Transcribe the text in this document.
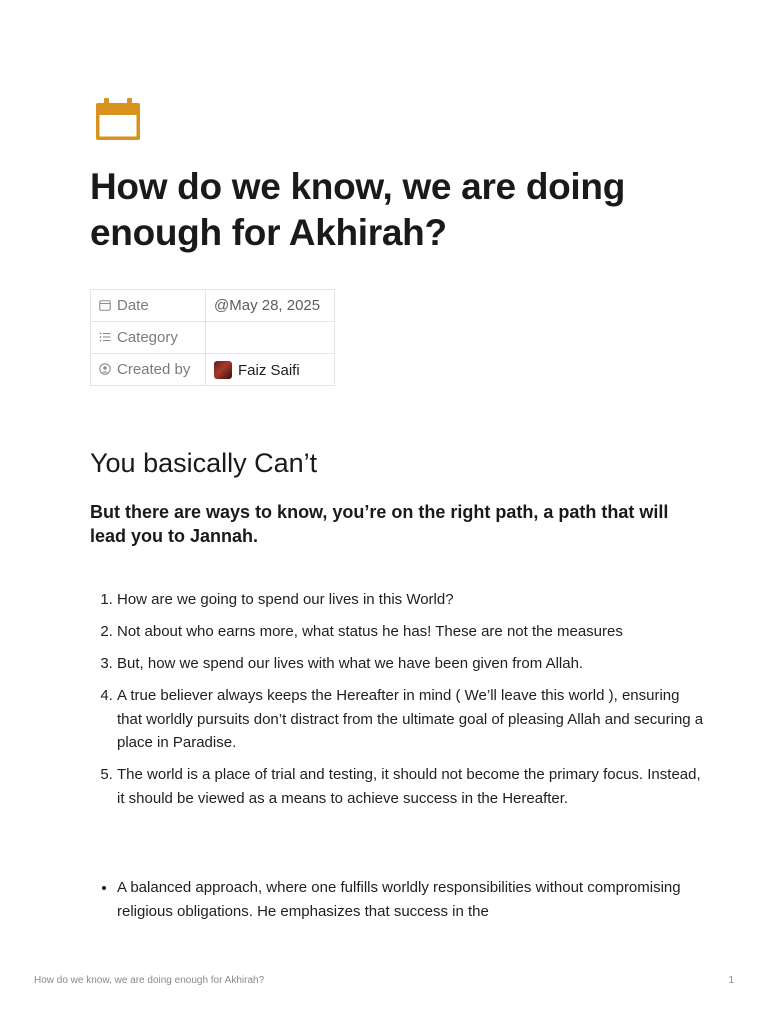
How do we know, we are doing enough for Akhirah?
Date	@May 28, 2025
Category	
Created by	Faiz Saifi
You basically Can’t
But there are ways to know, you’re on the right path, a path that will lead you to Jannah.
1. How are we going to spend our lives in this World?
2. Not about who earns more, what status he has! These are not the measures
3. But, how we spend our lives with what we have been given from Allah.
4. A true believer always keeps the Hereafter in mind ( We’ll leave this world ), ensuring that worldly pursuits don’t distract from the ultimate goal of pleasing Allah and securing a place in Paradise.
5. The world is a place of trial and testing, it should not become the primary focus. Instead, it should be viewed as a means to achieve success in the Hereafter.
• A balanced approach, where one fulfills worldly responsibilities without compromising religious obligations. He emphasizes that success in the
How do we know, we are doing enough for Akhirah?	1
